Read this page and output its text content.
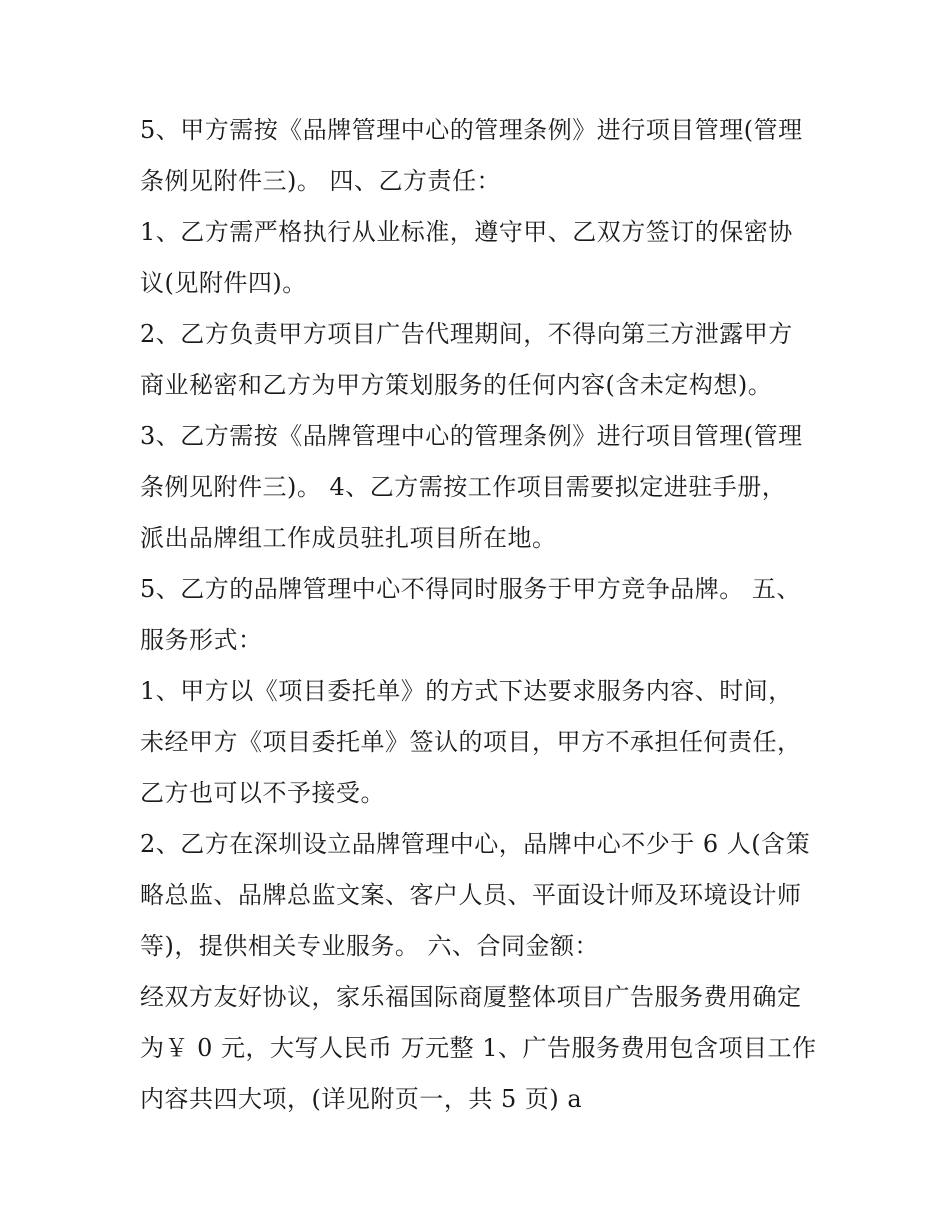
5、甲方需按《品牌管理中心的管理条例》进行项目管理(管理
条例见附件三)。 四、乙方责任：
1、乙方需严格执行从业标准，遵守甲、乙双方签订的保密协
议(见附件四)。
2、乙方负责甲方项目广告代理期间，不得向第三方泄露甲方
商业秘密和乙方为甲方策划服务的任何内容(含未定构想)。
3、乙方需按《品牌管理中心的管理条例》进行项目管理(管理
条例见附件三)。 4、乙方需按工作项目需要拟定进驻手册，
派出品牌组工作成员驻扎项目所在地。
5、乙方的品牌管理中心不得同时服务于甲方竞争品牌。 五、
服务形式：
1、甲方以《项目委托单》的方式下达要求服务内容、时间，
未经甲方《项目委托单》签认的项目，甲方不承担任何责任，
乙方也可以不予接受。
2、乙方在深圳设立品牌管理中心，品牌中心不少于 6 人(含策
略总监、品牌总监文案、客户人员、平面设计师及环境设计师
等)，提供相关专业服务。 六、合同金额：
经双方友好协议，家乐福国际商厦整体项目广告服务费用确定
为￥ 0 元，大写人民币 万元整 1、广告服务费用包含项目工作
内容共四大项，(详见附页一，共 5 页) a
